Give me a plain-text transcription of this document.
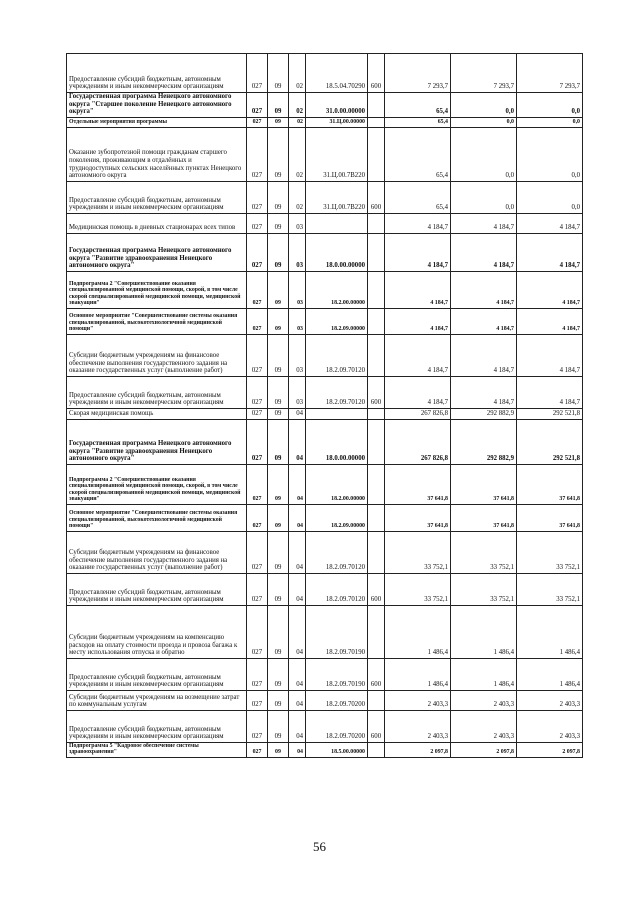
Предоставление субсидий бюджетным, автономным учреждениям и иным некоммерческим организациям	027	09	02	18.5.04.70290	600	7 293,7	7 293,7	7 293,7
Государственная программа Ненецкого автономного округа "Старшее поколение Ненецкого автономного округа"	027	09	02	31.0.00.00000		65,4	0,0	0,0
Отдельные мероприятия программы	027	09	02	31.Ц.00.00000		65,4	0,0	0,0
Оказание зубопротезной помощи гражданам старшего поколения, проживающим в отдалённых и труднодоступных сельских населённых пунктах Ненецкого автономного округа	027	09	02	31.Ц.00.7В220		65,4	0,0	0,0
Предоставление субсидий бюджетным, автономным учреждениям и иным некоммерческим организациям	027	09	02	31.Ц.00.7В220	600	65,4	0,0	0,0
Медицинская помощь в дневных стационарах всех типов	027	09	03			4 184,7	4 184,7	4 184,7
Государственная программа Ненецкого автономного округа "Развитие здравоохранения Ненецкого автономного округа"	027	09	03	18.0.00.00000		4 184,7	4 184,7	4 184,7
Подпрограмма 2 "Совершенствование оказания специализированной медицинской помощи, скорой, в том числе скорой специализированной медицинской помощи, медицинской эвакуации"	027	09	03	18.2.00.00000		4 184,7	4 184,7	4 184,7
Основное мероприятие "Совершенствование системы оказания специализированной, высокотехнологичной медицинской помощи"	027	09	03	18.2.09.00000		4 184,7	4 184,7	4 184,7
Субсидии бюджетным учреждениям на финансовое обеспечение выполнения государственного задания на оказание государственных услуг (выполнение работ)	027	09	03	18.2.09.70120		4 184,7	4 184,7	4 184,7
Предоставление субсидий бюджетным, автономным учреждениям и иным некоммерческим организациям	027	09	03	18.2.09.70120	600	4 184,7	4 184,7	4 184,7
Скорая медицинская помощь	027	09	04			267 826,8	292 882,9	292 521,8
Государственная программа Ненецкого автономного округа "Развитие здравоохранения Ненецкого автономного округа"	027	09	04	18.0.00.00000		267 826,8	292 882,9	292 521,8
Подпрограмма 2 "Совершенствование оказания специализированной медицинской помощи, скорой, в том числе скорой специализированной медицинской помощи, медицинской эвакуации"	027	09	04	18.2.00.00000		37 641,8	37 641,8	37 641,8
Основное мероприятие "Совершенствование системы оказания специализированной, высокотехнологичной медицинской помощи"	027	09	04	18.2.09.00000		37 641,8	37 641,8	37 641,8
Субсидии бюджетным учреждениям на финансовое обеспечение выполнения государственного задания на оказание государственных услуг (выполнение работ)	027	09	04	18.2.09.70120		33 752,1	33 752,1	33 752,1
Предоставление субсидий бюджетным, автономным учреждениям и иным некоммерческим организациям	027	09	04	18.2.09.70120	600	33 752,1	33 752,1	33 752,1
Субсидии бюджетным учреждениям на компенсацию расходов на оплату стоимости проезда и провоза багажа к месту использования отпуска и обратно	027	09	04	18.2.09.70190		1 486,4	1 486,4	1 486,4
Предоставление субсидий бюджетным, автономным учреждениям и иным некоммерческим организациям	027	09	04	18.2.09.70190	600	1 486,4	1 486,4	1 486,4
Субсидии бюджетным учреждениям на возмещение затрат по коммунальным услугам	027	09	04	18.2.09.70200		2 403,3	2 403,3	2 403,3
Предоставление субсидий бюджетным, автономным учреждениям и иным некоммерческим организациям	027	09	04	18.2.09.70200	600	2 403,3	2 403,3	2 403,3
Подпрограмма 5 "Кадровое обеспечение системы здравоохранения"	027	09	04	18.5.00.00000		2 097,8	2 097,8	2 097,8
56
